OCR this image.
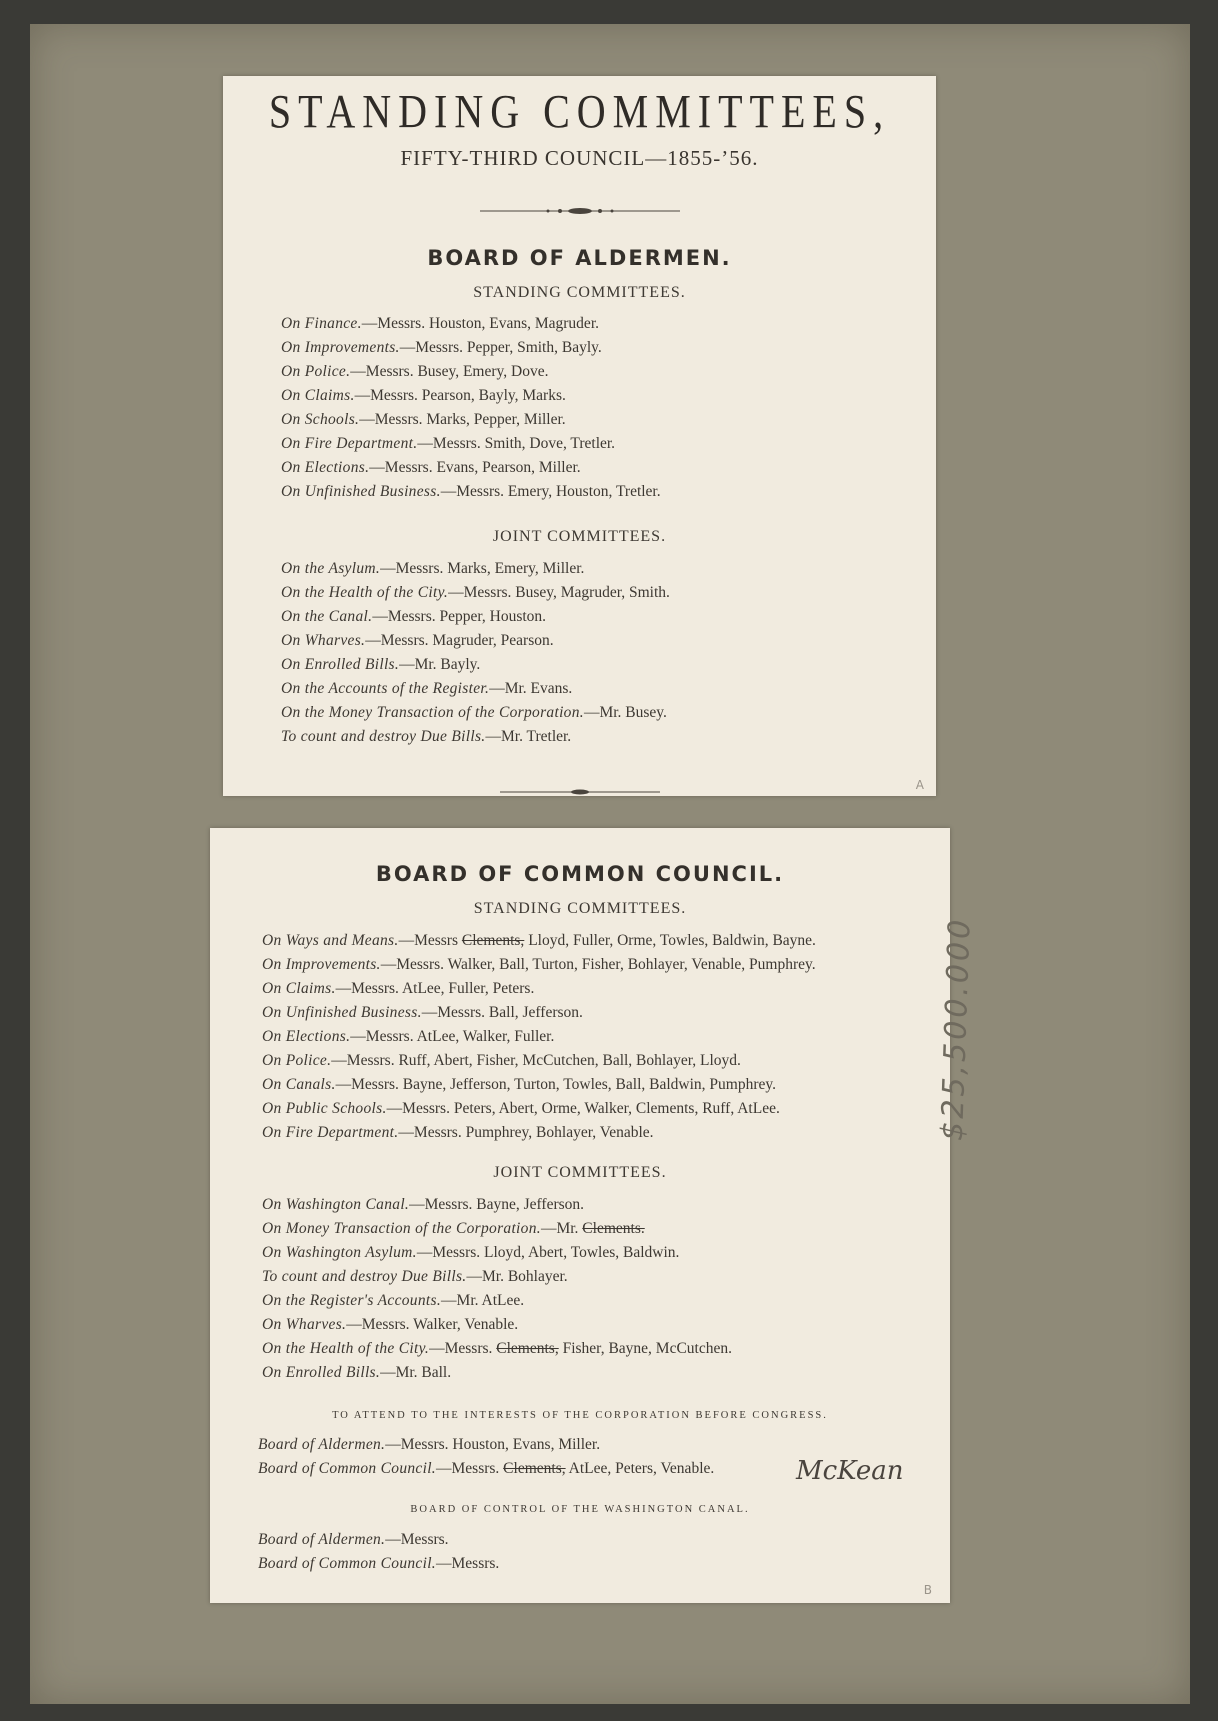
STANDING COMMITTEES,
FIFTY-THIRD COUNCIL—1855-’56.
BOARD OF ALDERMEN.
STANDING COMMITTEES.
On Finance.—Messrs. Houston, Evans, Magruder.
On Improvements.—Messrs. Pepper, Smith, Bayly.
On Police.—Messrs. Busey, Emery, Dove.
On Claims.—Messrs. Pearson, Bayly, Marks.
On Schools.—Messrs. Marks, Pepper, Miller.
On Fire Department.—Messrs. Smith, Dove, Tretler.
On Elections.—Messrs. Evans, Pearson, Miller.
On Unfinished Business.—Messrs. Emery, Houston, Tretler.
JOINT COMMITTEES.
On the Asylum.—Messrs. Marks, Emery, Miller.
On the Health of the City.—Messrs. Busey, Magruder, Smith.
On the Canal.—Messrs. Pepper, Houston.
On Wharves.—Messrs. Magruder, Pearson.
On Enrolled Bills.—Mr. Bayly.
On the Accounts of the Register.—Mr. Evans.
On the Money Transaction of the Corporation.—Mr. Busey.
To count and destroy Due Bills.—Mr. Tretler.
A
BOARD OF COMMON COUNCIL.
STANDING COMMITTEES.
On Ways and Means.—Messrs Clements, Lloyd, Fuller, Orme, Towles, Baldwin, Bayne.
On Improvements.—Messrs. Walker, Ball, Turton, Fisher, Bohlayer, Venable, Pumphrey.
On Claims.—Messrs. AtLee, Fuller, Peters.
On Unfinished Business.—Messrs. Ball, Jefferson.
On Elections.—Messrs. AtLee, Walker, Fuller.
On Police.—Messrs. Ruff, Abert, Fisher, McCutchen, Ball, Bohlayer, Lloyd.
On Canals.—Messrs. Bayne, Jefferson, Turton, Towles, Ball, Baldwin, Pumphrey.
On Public Schools.—Messrs. Peters, Abert, Orme, Walker, Clements, Ruff, AtLee.
On Fire Department.—Messrs. Pumphrey, Bohlayer, Venable.
JOINT COMMITTEES.
On Washington Canal.—Messrs. Bayne, Jefferson.
On Money Transaction of the Corporation.—Mr. Clements.
On Washington Asylum.—Messrs. Lloyd, Abert, Towles, Baldwin.
To count and destroy Due Bills.—Mr. Bohlayer.
On the Register's Accounts.—Mr. AtLee.
On Wharves.—Messrs. Walker, Venable.
On the Health of the City.—Messrs. Clements, Fisher, Bayne, McCutchen.
On Enrolled Bills.—Mr. Ball.
TO ATTEND TO THE INTERESTS OF THE CORPORATION BEFORE CONGRESS.
Board of Aldermen.—Messrs. Houston, Evans, Miller.
Board of Common Council.—Messrs. Clements, AtLee, Peters, Venable.	McKean
BOARD OF CONTROL OF THE WASHINGTON CANAL.
Board of Aldermen.—Messrs.
Board of Common Council.—Messrs.
B
$25,500.000
